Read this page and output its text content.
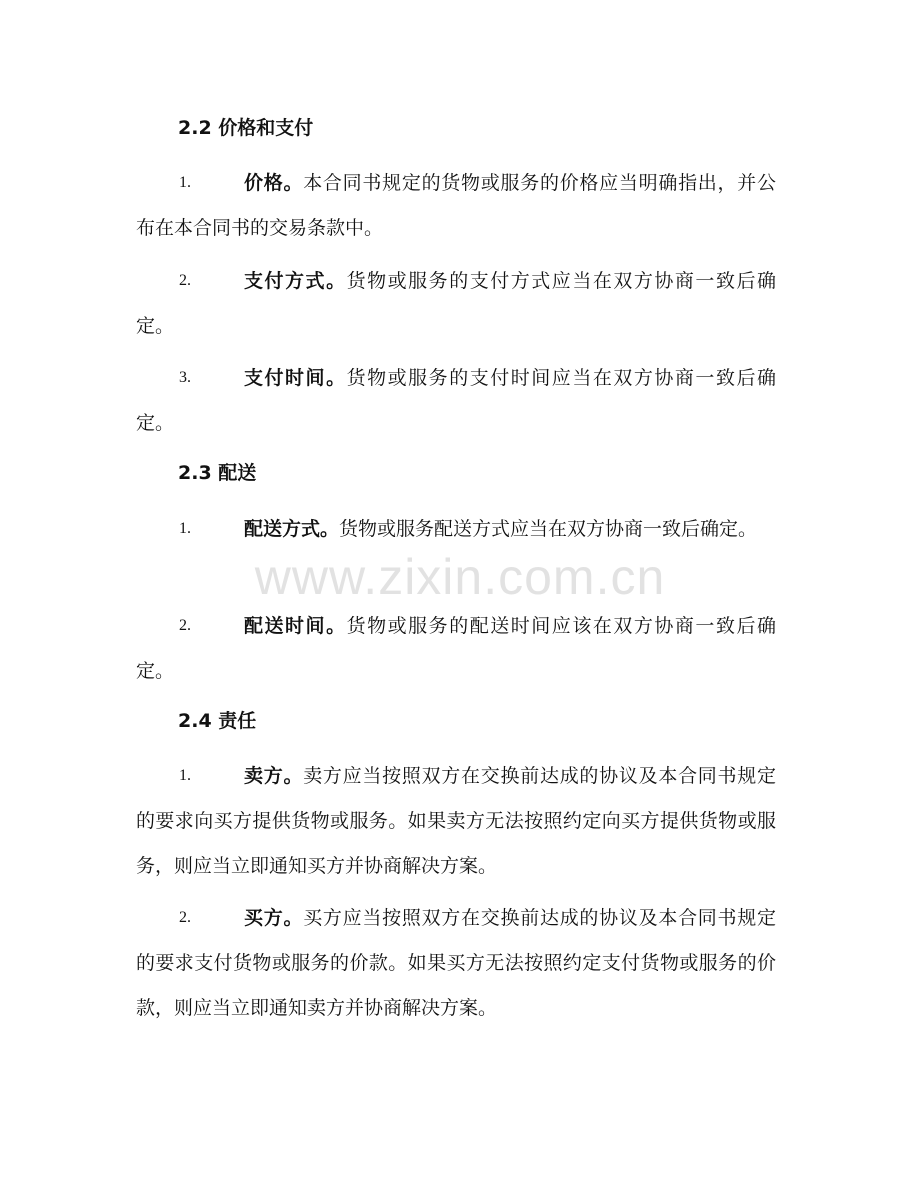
2.2 价格和支付
1.	价格。本合同书规定的货物或服务的价格应当明确指出，并公布在本合同书的交易条款中。

2.	支付方式。货物或服务的支付方式应当在双方协商一致后确定。

3.	支付时间。货物或服务的支付时间应当在双方协商一致后确定。

2.3 配送
1.	配送方式。货物或服务配送方式应当在双方协商一致后确定。

2.	配送时间。货物或服务的配送时间应该在双方协商一致后确定。

2.4 责任
1.	卖方。卖方应当按照双方在交换前达成的协议及本合同书规定的要求向买方提供货物或服务。如果卖方无法按照约定向买方提供货物或服务，则应当立即通知买方并协商解决方案。

2.	买方。买方应当按照双方在交换前达成的协议及本合同书规定的要求支付货物或服务的价款。如果买方无法按照约定支付货物或服务的价款，则应当立即通知卖方并协商解决方案。

www.zixin.com.cn
